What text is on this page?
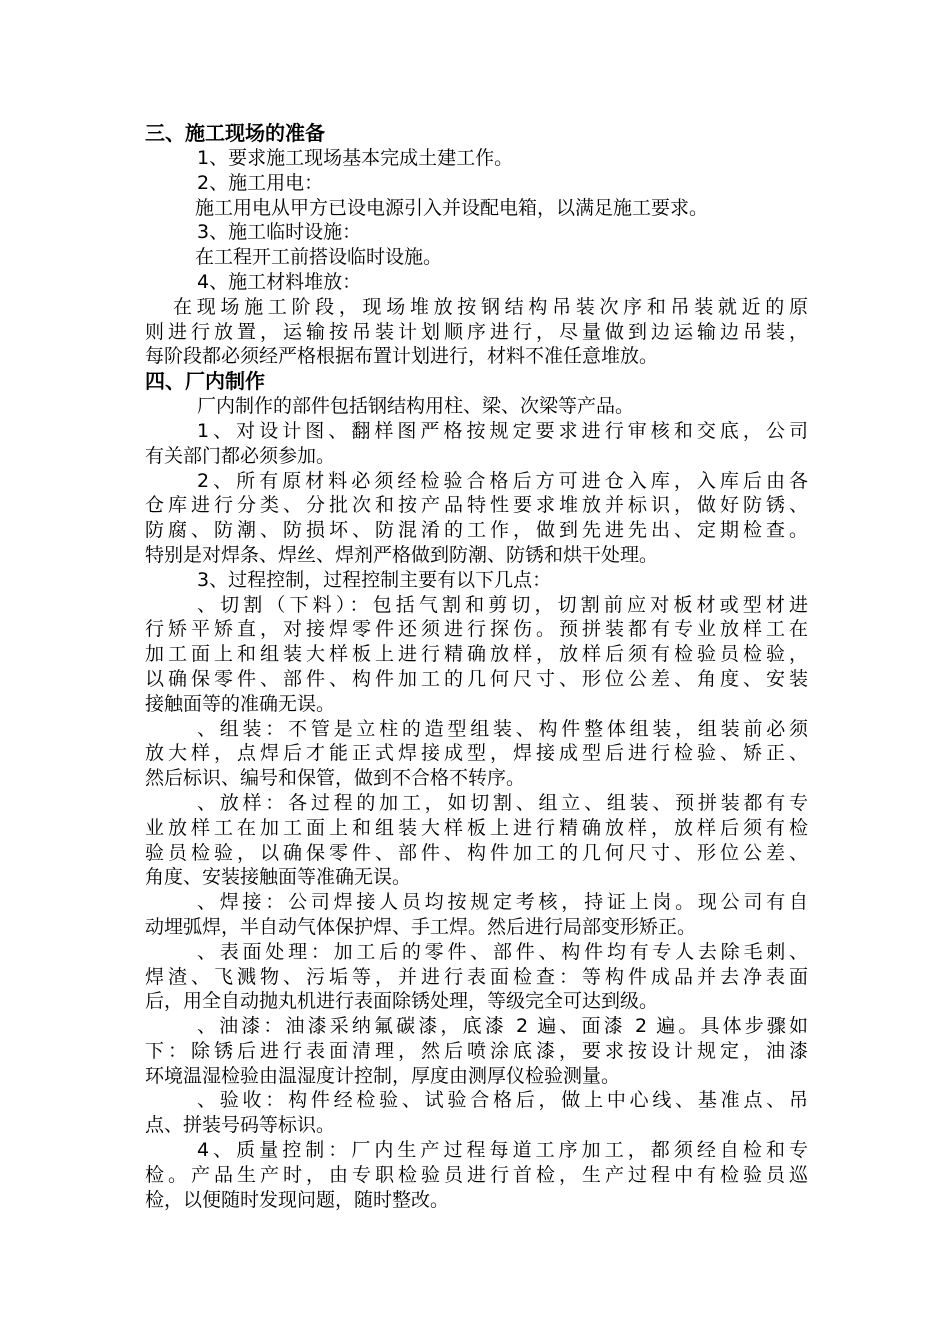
三、施工现场的准备
1、要求施工现场基本完成土建工作。
2、施工用电：
施工用电从甲方已设电源引入并设配电箱，以满足施工要求。
3、施工临时设施：
在工程开工前搭设临时设施。
4、施工材料堆放：
在现场施工阶段，现场堆放按钢结构吊装次序和吊装就近的原
则进行放置，运输按吊装计划顺序进行，尽量做到边运输边吊装，
每阶段都必须经严格根据布置计划进行，材料不准任意堆放。
四、厂内制作
厂内制作的部件包括钢结构用柱、梁、次梁等产品。
1、对设计图、翻样图严格按规定要求进行审核和交底，公司
有关部门都必须参加。
2、所有原材料必须经检验合格后方可进仓入库，入库后由各
仓库进行分类、分批次和按产品特性要求堆放并标识，做好防锈、
防腐、防潮、防损坏、防混淆的工作，做到先进先出、定期检查。
特别是对焊条、焊丝、焊剂严格做到防潮、防锈和烘干处理。
3、过程控制，过程控制主要有以下几点：
、切割（下料）：包括气割和剪切，切割前应对板材或型材进
行矫平矫直，对接焊零件还须进行探伤。预拼装都有专业放样工在
加工面上和组装大样板上进行精确放样，放样后须有检验员检验，
以确保零件、部件、构件加工的几何尺寸、形位公差、角度、安装
接触面等的准确无误。
、组装：不管是立柱的造型组装、构件整体组装，组装前必须
放大样，点焊后才能正式焊接成型，焊接成型后进行检验、矫正、
然后标识、编号和保管，做到不合格不转序。
、放样：各过程的加工，如切割、组立、组装、预拼装都有专
业放样工在加工面上和组装大样板上进行精确放样，放样后须有检
验员检验，以确保零件、部件、构件加工的几何尺寸、形位公差、
角度、安装接触面等准确无误。
、焊接：公司焊接人员均按规定考核，持证上岗。现公司有自
动埋弧焊，半自动气体保护焊、手工焊。然后进行局部变形矫正。
、表面处理：加工后的零件、部件、构件均有专人去除毛刺、
焊渣、飞溅物、污垢等，并进行表面检查：等构件成品并去净表面
后，用全自动抛丸机进行表面除锈处理，等级完全可达到级。
、油漆：油漆采纳氟碳漆，底漆 2 遍、面漆 2 遍。具体步骤如
下：除锈后进行表面清理，然后喷涂底漆，要求按设计规定，油漆
环境温湿检验由温湿度计控制，厚度由测厚仪检验测量。
、验收：构件经检验、试验合格后，做上中心线、基准点、吊
点、拼装号码等标识。
4、质量控制：厂内生产过程每道工序加工，都须经自检和专
检。产品生产时，由专职检验员进行首检，生产过程中有检验员巡
检，以便随时发现问题，随时整改。
